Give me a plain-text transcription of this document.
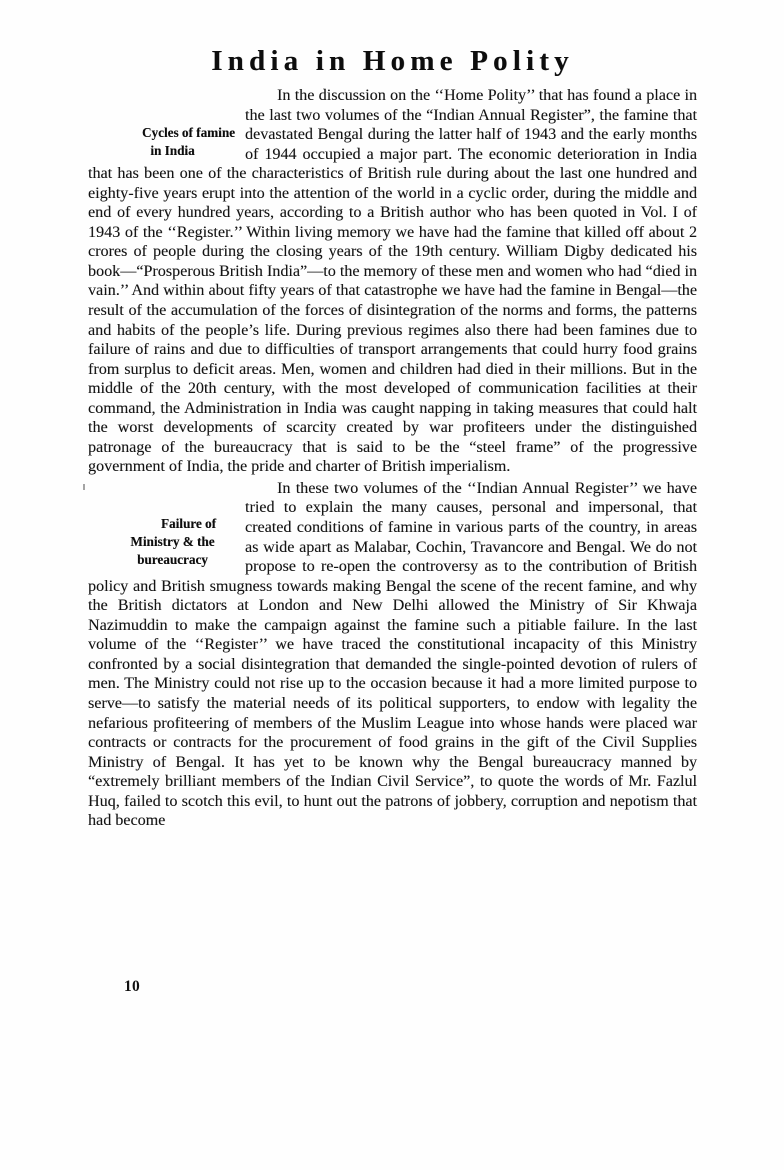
India in Home Polity

Cycles of famine
in India
In the discussion on the ‘‘Home Polity’’ that has found a place in the last two volumes of the “Indian Annual Register”, the famine that devastated Bengal during the latter half of 1943 and the early months of 1944 occupied a major part. The economic deterioration in India that has been one of the characteristics of British rule during about the last one hundred and eighty-five years erupt into the attention of the world in a cyclic order, during the middle and end of every hundred years, according to a British author who has been quoted in Vol. I of 1943 of the ‘‘Register.’’ Within living memory we have had the famine that killed off about 2 crores of people during the closing years of the 19th century. William Digby dedicated his book—“Prosperous British India”—to the memory of these men and women who had “died in vain.’’ And within about fifty years of that catastrophe we have had the famine in Bengal—the result of the accumulation of the forces of disintegration of the norms and forms, the patterns and habits of the people’s life. During previous regimes also there had been famines due to failure of rains and due to difficulties of transport arrangements that could hurry food grains from surplus to deficit areas. Men, women and children had died in their millions. But in the middle of the 20th century, with the most developed of communication facilities at their command, the Administration in India was caught napping in taking measures that could halt the worst developments of scarcity created by war profiteers under the distinguished patronage of the bureaucracy that is said to be the “steel frame” of the progressive government of India, the pride and charter of British imperialism.

Failure of
Ministry & the
bureaucracy
In these two volumes of the ‘‘Indian Annual Register’’ we have tried to explain the many causes, personal and impersonal, that created conditions of famine in various parts of the country, in areas as wide apart as Malabar, Cochin, Travancore and Bengal. We do not propose to re-open the controversy as to the contribution of British policy and British smugness towards making Bengal the scene of the recent famine, and why the British dictators at London and New Delhi allowed the Ministry of Sir Khwaja Nazimuddin to make the campaign against the famine such a pitiable failure. In the last volume of the ‘‘Register’’ we have traced the constitutional incapacity of this Ministry confronted by a social disintegration that demanded the single-pointed devotion of rulers of men. The Ministry could not rise up to the occasion because it had a more limited purpose to serve—to satisfy the material needs of its political supporters, to endow with legality the nefarious profiteering of members of the Muslim League into whose hands were placed war contracts or contracts for the procurement of food grains in the gift of the Civil Supplies Ministry of Bengal. It has yet to be known why the Bengal bureaucracy manned by “extremely brilliant members of the Indian Civil Service”, to quote the words of Mr. Fazlul Huq, failed to scotch this evil, to hunt out the patrons of jobbery, corruption and nepotism that had become

10
